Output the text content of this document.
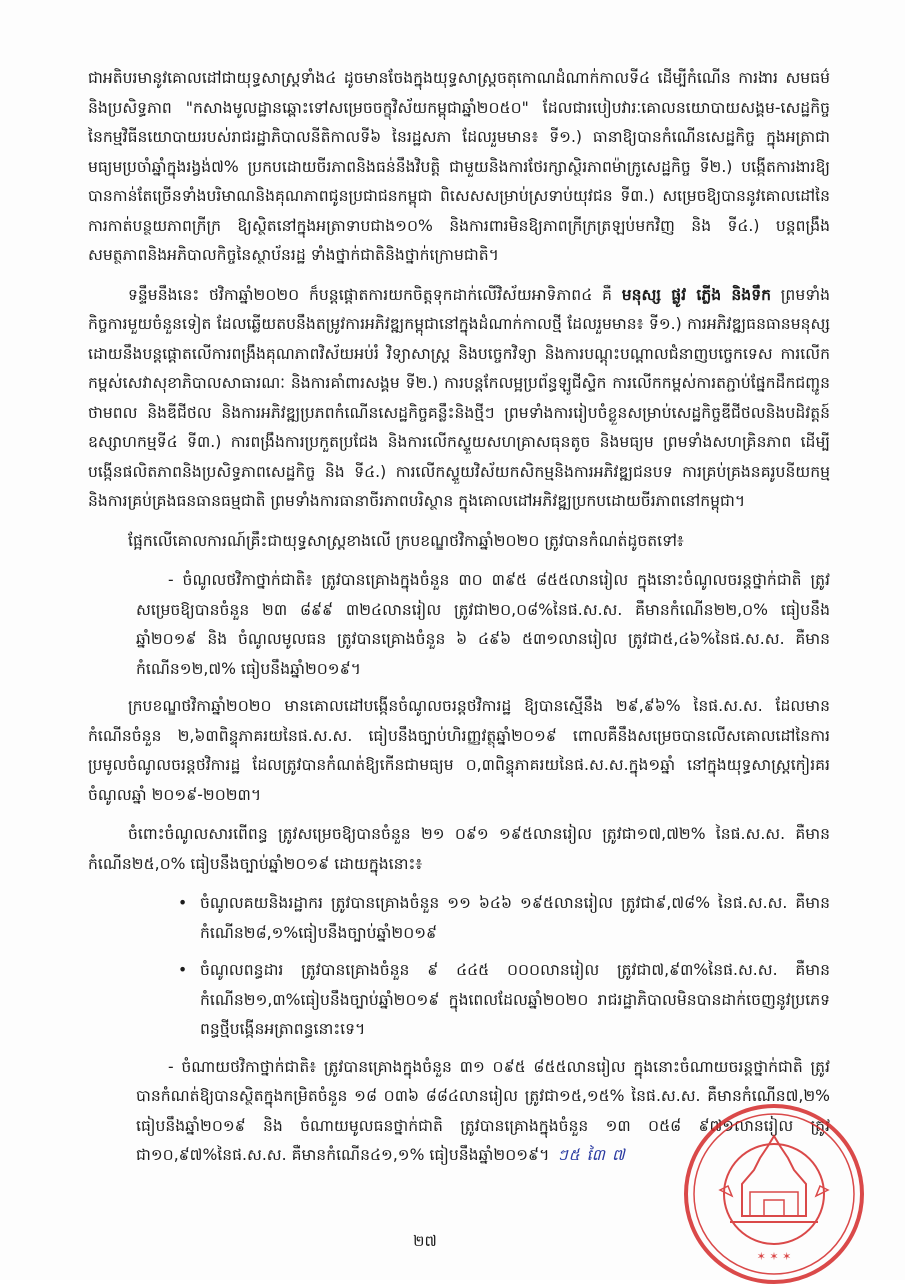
ជាអតិបរមានូវគោលដៅជាយុទ្ធសាស្ត្រទាំង៤ ដូចមានចែងក្នុងយុទ្ធសាស្ត្រចតុកោណដំណាក់កាលទី៤ ដើម្បីកំណើន ការងារ សមធម៌ និងប្រសិទ្ធភាព "កសាងមូលដ្ឋានឆ្ពោះទៅសម្រេចចក្ខុវិស័យកម្ពុជាឆ្នាំ២០៥០" ដែលជារបៀបវារៈគោលនយោបាយសង្គម-សេដ្ឋកិច្ច នៃកម្មវិធីនយោបាយរបស់រាជរដ្ឋាភិបាលនីតិកាលទី៦ នៃរដ្ឋសភា ដែលរួមមាន៖ ទី១.) ធានាឱ្យបានកំណើនសេដ្ឋកិច្ច ក្នុងអត្រាជាមធ្យមប្រចាំឆ្នាំក្នុងរង្វង់៧% ប្រកបដោយចីរភាពនិងធន់នឹងវិបត្តិ ជាមួយនិងការថែរក្សាស្ថិរភាពម៉ាក្រូសេដ្ឋកិច្ច ទី២.) បង្កើតការងារឱ្យបានកាន់តែច្រើនទាំងបរិមាណនិងគុណភាពជូនប្រជាជនកម្ពុជា ពិសេសសម្រាប់ស្រទាប់យុវជន ទី៣.) សម្រេចឱ្យបាននូវគោលដៅនៃការកាត់បន្ថយភាពក្រីក្រ ឱ្យស្ថិតនៅក្នុងអត្រាទាបជាង១០% និងការពារមិនឱ្យភាពក្រីក្រត្រឡប់មកវិញ និង ទី៤.) បន្តពង្រឹងសមត្ថភាពនិងអភិបាលកិច្ចនៃស្ថាប័នរដ្ឋ ទាំងថ្នាក់ជាតិនិងថ្នាក់ក្រោមជាតិ។

ទន្ទឹមនឹងនេះ ថវិកាឆ្នាំ២០២០ ក៏បន្តផ្តោតការយកចិត្តទុកដាក់លើវិស័យអាទិភាព៤ គឺ មនុស្ស ផ្លូវ ភ្លើង និងទឹក ព្រមទាំងកិច្ចការមួយចំនួនទៀត ដែលឆ្លើយតបនឹងតម្រូវការអភិវឌ្ឍកម្ពុជានៅក្នុងដំណាក់កាលថ្មី ដែលរួមមាន៖ ទី១.) ការអភិវឌ្ឍធនធានមនុស្ស ដោយនឹងបន្តផ្តោតលើការពង្រឹងគុណភាពវិស័យអប់រំ វិទ្យាសាស្ត្រ និងបច្ចេកវិទ្យា និងការបណ្តុះបណ្តាលជំនាញបច្ចេកទេស ការលើកកម្ពស់សេវាសុខាភិបាលសាធារណៈ និងការគាំពារសង្គម ទី២.) ការបន្តកែលម្អប្រព័ន្ធឡូជីស្ទិក ការលើកកម្ពស់ការតភ្ជាប់ផ្នែកដឹកជញ្ជូន ថាមពល និងឌីជីថល និងការអភិវឌ្ឍប្រភពកំណើនសេដ្ឋកិច្ចគន្លឹះនិងថ្មីៗ ព្រមទាំងការរៀបចំខ្លួនសម្រាប់សេដ្ឋកិច្ចឌីជីថលនិងបដិវត្តន៍ឧស្សាហកម្មទី៤ ទី៣.) ការពង្រឹងការប្រកួតប្រជែង និងការលើកស្ទួយសហគ្រាសធុនតូច និងមធ្យម ព្រមទាំងសហគ្រិនភាព ដើម្បីបង្កើនផលិតភាពនិងប្រសិទ្ធភាពសេដ្ឋកិច្ច និង ទី៤.) ការលើកស្ទួយវិស័យកសិកម្មនិងការអភិវឌ្ឍជនបទ ការគ្រប់គ្រងនគរូបនីយកម្ម និងការគ្រប់គ្រងធនធានធម្មជាតិ ព្រមទាំងការធានាចីរភាពបរិស្ថាន ក្នុងគោលដៅអភិវឌ្ឍប្រកបដោយចីរភាពនៅកម្ពុជា។

ផ្អែកលើគោលការណ៍គ្រឹះជាយុទ្ធសាស្ត្រខាងលើ ក្របខណ្ឌថវិកាឆ្នាំ២០២០ ត្រូវបានកំណត់ដូចតទៅ៖

- ចំណូលថវិកាថ្នាក់ជាតិ៖ ត្រូវបានគ្រោងក្នុងចំនួន ៣០ ៣៩៥ ៨៥៥លានរៀល ក្នុងនោះចំណូលចរន្តថ្នាក់ជាតិ ត្រូវសម្រេចឱ្យបានចំនួន ២៣ ៨៩៩ ៣២៤លានរៀល ត្រូវជា២០,០៨%នៃផ.ស.ស. គឺមានកំណើន២២,០% ធៀបនឹងឆ្នាំ២០១៩ និង ចំណូលមូលធន ត្រូវបានគ្រោងចំនួន ៦ ៤៩៦ ៥៣១លានរៀល ត្រូវជា៥,៤៦%នៃផ.ស.ស. គឺមានកំណើន១២,៧% ធៀបនឹងឆ្នាំ២០១៩។

ក្របខណ្ឌថវិកាឆ្នាំ២០២០ មានគោលដៅបង្កើនចំណូលចរន្តថវិការដ្ឋ ឱ្យបានស្មើនឹង ២៩,៩៦% នៃផ.ស.ស. ដែលមានកំណើនចំនួន ២,៦៣ពិន្ទុភាគរយនៃផ.ស.ស. ធៀបនឹងច្បាប់ហិរញ្ញវត្ថុឆ្នាំ២០១៩ ពោលគឺនឹងសម្រេចបានលើសគោលដៅនៃការប្រមូលចំណូលចរន្តថវិការដ្ឋ ដែលត្រូវបានកំណត់ឱ្យកើនជាមធ្យម ០,៣ពិន្ទុភាគរយនៃផ.ស.ស.ក្នុង១ឆ្នាំ នៅក្នុងយុទ្ធសាស្ត្រកៀរគរចំណូលឆ្នាំ ២០១៩-២០២៣។

ចំពោះចំណូលសារពើពន្ធ ត្រូវសម្រេចឱ្យបានចំនួន ២១ ០៩១ ១៩៥លានរៀល ត្រូវជា១៧,៧២% នៃផ.ស.ស. គឺមានកំណើន២៥,០% ធៀបនឹងច្បាប់ឆ្នាំ២០១៩ ដោយក្នុងនោះ៖

• ចំណូលគយនិងរដ្ឋាករ ត្រូវបានគ្រោងចំនួន ១១ ៦៤៦ ១៩៥លានរៀល ត្រូវជា៩,៧៨% នៃផ.ស.ស. គឺមានកំណើន២៨,១%ធៀបនឹងច្បាប់ឆ្នាំ២០១៩

• ចំណូលពន្ធដារ ត្រូវបានគ្រោងចំនួន ៩ ៤៤៥ ០០០លានរៀល ត្រូវជា៧,៩៣%នៃផ.ស.ស. គឺមានកំណើន២១,៣%ធៀបនឹងច្បាប់ឆ្នាំ២០១៩ ក្នុងពេលដែលឆ្នាំ២០២០ រាជរដ្ឋាភិបាលមិនបានដាក់ចេញនូវប្រភេទពន្ធថ្មីបង្កើនអត្រាពន្ធនោះទេ។

- ចំណាយថវិកាថ្នាក់ជាតិ៖ ត្រូវបានគ្រោងក្នុងចំនួន ៣១ ០៩៥ ៨៥៥លានរៀល ក្នុងនោះចំណាយចរន្តថ្នាក់ជាតិ ត្រូវបានកំណត់ឱ្យបានស្ថិតក្នុងកម្រិតចំនួន ១៨ ០៣៦ ៨៨៤លានរៀល ត្រូវជា១៥,១៥% នៃផ.ស.ស. គឺមានកំណើន៧,២% ធៀបនឹងឆ្នាំ២០១៩ និង ចំណាយមូលធនថ្នាក់ជាតិ ត្រូវបានគ្រោងក្នុងចំនួន ១៣ ០៥៨ ៩៧១លានរៀល ត្រូវជា១០,៩៧%នៃផ.ស.ស. គឺមានកំណើន៤១,១% ធៀបនឹងឆ្នាំ២០១៩។ ៗ៥ ៣ៃ ៧

២៧
✶ ✶ ✶
